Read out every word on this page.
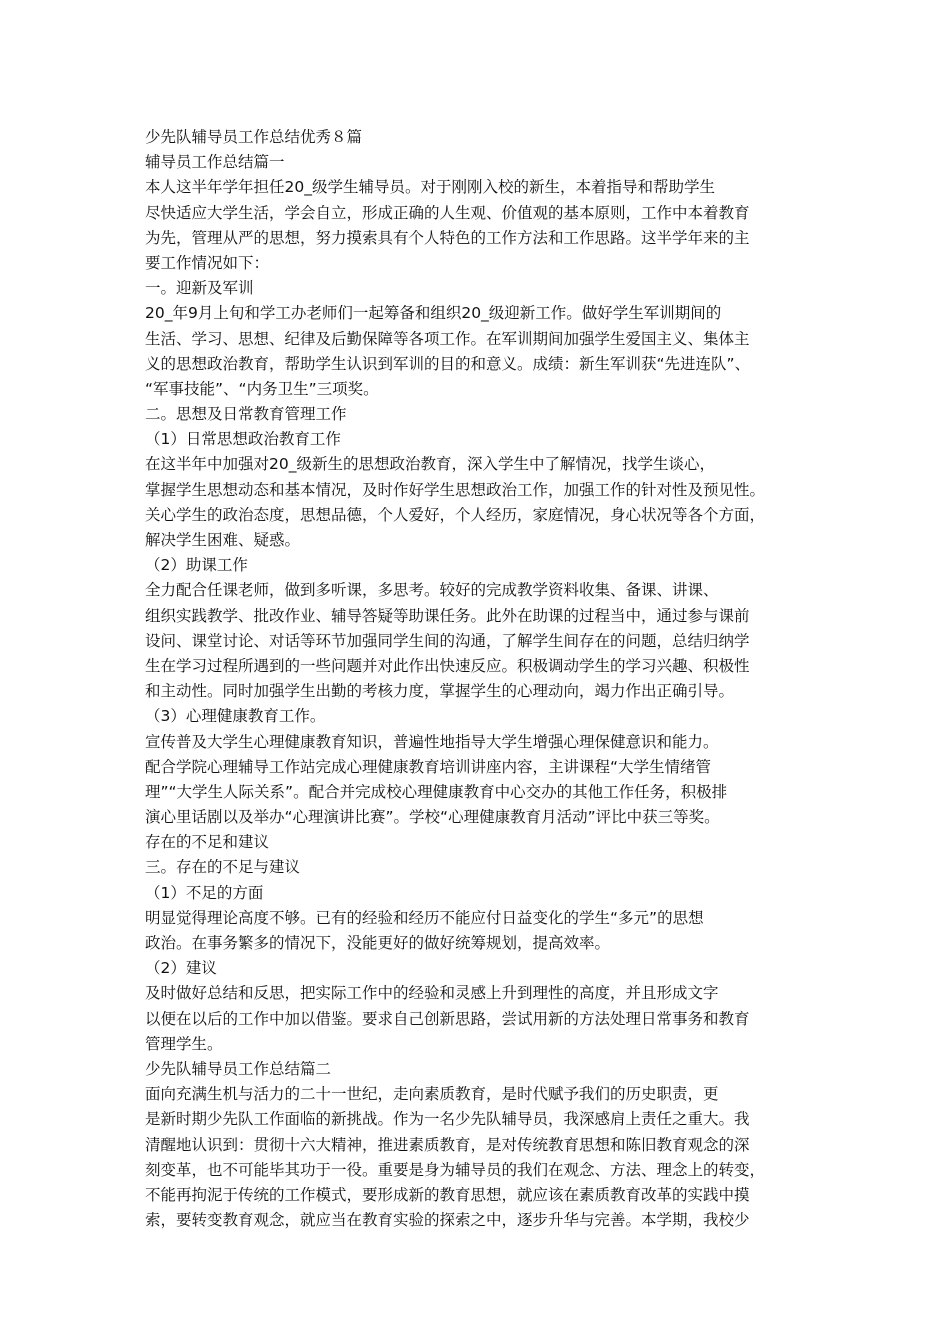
少先队辅导员工作总结优秀８篇
辅导员工作总结篇一
本人这半年学年担任20_级学生辅导员。对于刚刚入校的新生，本着指导和帮助学生
尽快适应大学生活，学会自立，形成正确的人生观、价值观的基本原则，工作中本着教育
为先，管理从严的思想，努力摸索具有个人特色的工作方法和工作思路。这半学年来的主
要工作情况如下：
一。迎新及军训
20_年9月上旬和学工办老师们一起筹备和组织20_级迎新工作。做好学生军训期间的
生活、学习、思想、纪律及后勤保障等各项工作。在军训期间加强学生爱国主义、集体主
义的思想政治教育，帮助学生认识到军训的目的和意义。成绩：新生军训获“先进连队”、
“军事技能”、“内务卫生”三项奖。
二。思想及日常教育管理工作
（1）日常思想政治教育工作
在这半年中加强对20_级新生的思想政治教育，深入学生中了解情况，找学生谈心，
掌握学生思想动态和基本情况，及时作好学生思想政治工作，加强工作的针对性及预见性。
关心学生的政治态度，思想品德，个人爱好，个人经历，家庭情况，身心状况等各个方面，
解决学生困难、疑惑。
（2）助课工作
全力配合任课老师，做到多听课，多思考。较好的完成教学资料收集、备课、讲课、
组织实践教学、批改作业、辅导答疑等助课任务。此外在助课的过程当中，通过参与课前
设问、课堂讨论、对话等环节加强同学生间的沟通，了解学生间存在的问题，总结归纳学
生在学习过程所遇到的一些问题并对此作出快速反应。积极调动学生的学习兴趣、积极性
和主动性。同时加强学生出勤的考核力度，掌握学生的心理动向，竭力作出正确引导。
（3）心理健康教育工作。
宣传普及大学生心理健康教育知识，普遍性地指导大学生增强心理保健意识和能力。
配合学院心理辅导工作站完成心理健康教育培训讲座内容，主讲课程“大学生情绪管
理”“大学生人际关系”。配合并完成校心理健康教育中心交办的其他工作任务，积极排
演心里话剧以及举办“心理演讲比赛”。学校“心理健康教育月活动”评比中获三等奖。
存在的不足和建议
三。存在的不足与建议
（1）不足的方面
明显觉得理论高度不够。已有的经验和经历不能应付日益变化的学生“多元”的思想
政治。在事务繁多的情况下，没能更好的做好统筹规划，提高效率。
（2）建议
及时做好总结和反思，把实际工作中的经验和灵感上升到理性的高度，并且形成文字
以便在以后的工作中加以借鉴。要求自己创新思路，尝试用新的方法处理日常事务和教育
管理学生。
少先队辅导员工作总结篇二
面向充满生机与活力的二十一世纪，走向素质教育，是时代赋予我们的历史职责，更
是新时期少先队工作面临的新挑战。作为一名少先队辅导员，我深感肩上责任之重大。我
清醒地认识到：贯彻十六大精神，推进素质教育，是对传统教育思想和陈旧教育观念的深
刻变革，也不可能毕其功于一役。重要是身为辅导员的我们在观念、方法、理念上的转变，
不能再拘泥于传统的工作模式，要形成新的教育思想，就应该在素质教育改革的实践中摸
索，要转变教育观念，就应当在教育实验的探索之中，逐步升华与完善。本学期，我校少
